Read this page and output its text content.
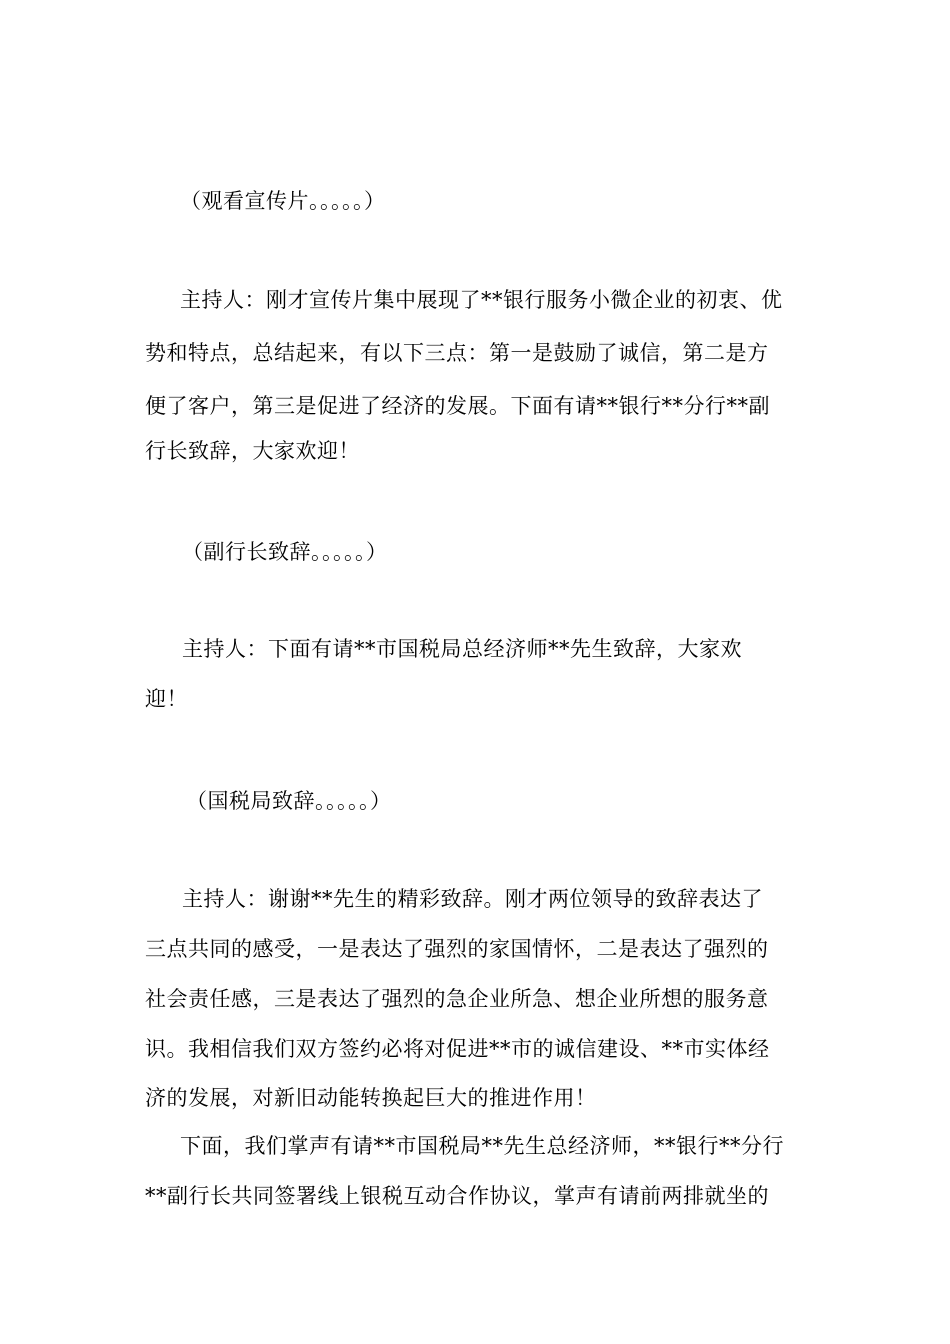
（观看宣传片。。。。。）
主持人：刚才宣传片集中展现了**银行服务小微企业的初衷、优
势和特点，总结起来，有以下三点：第一是鼓励了诚信，第二是方
便了客户，第三是促进了经济的发展。下面有请**银行**分行**副
行长致辞，大家欢迎！
（副行长致辞。。。。。）
主持人：下面有请**市国税局总经济师**先生致辞，大家欢
迎！
（国税局致辞。。。。。）
主持人：谢谢**先生的精彩致辞。刚才两位领导的致辞表达了
三点共同的感受，一是表达了强烈的家国情怀，二是表达了强烈的
社会责任感，三是表达了强烈的急企业所急、想企业所想的服务意
识。我相信我们双方签约必将对促进**市的诚信建设、**市实体经
济的发展，对新旧动能转换起巨大的推进作用！
下面，我们掌声有请**市国税局**先生总经济师，**银行**分行
**副行长共同签署线上银税互动合作协议，掌声有请前两排就坐的
